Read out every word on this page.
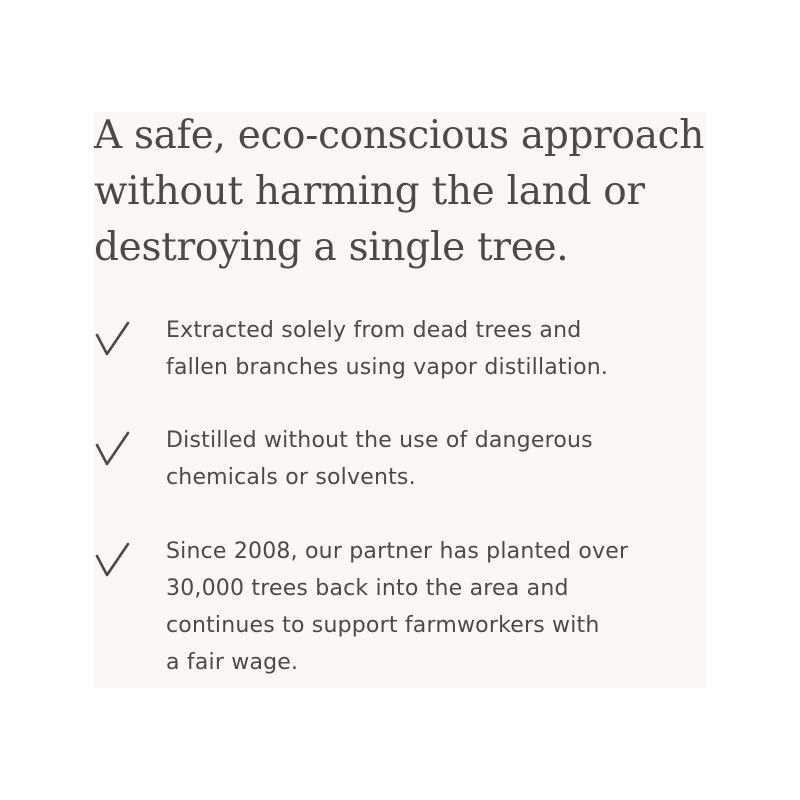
A safe, eco-conscious approach
without harming the land or
destroying a single tree.
Extracted solely from dead trees and
fallen branches using vapor distillation.
Distilled without the use of dangerous
chemicals or solvents.
Since 2008, our partner has planted over
30,000 trees back into the area and
continues to support farmworkers with
a fair wage.
